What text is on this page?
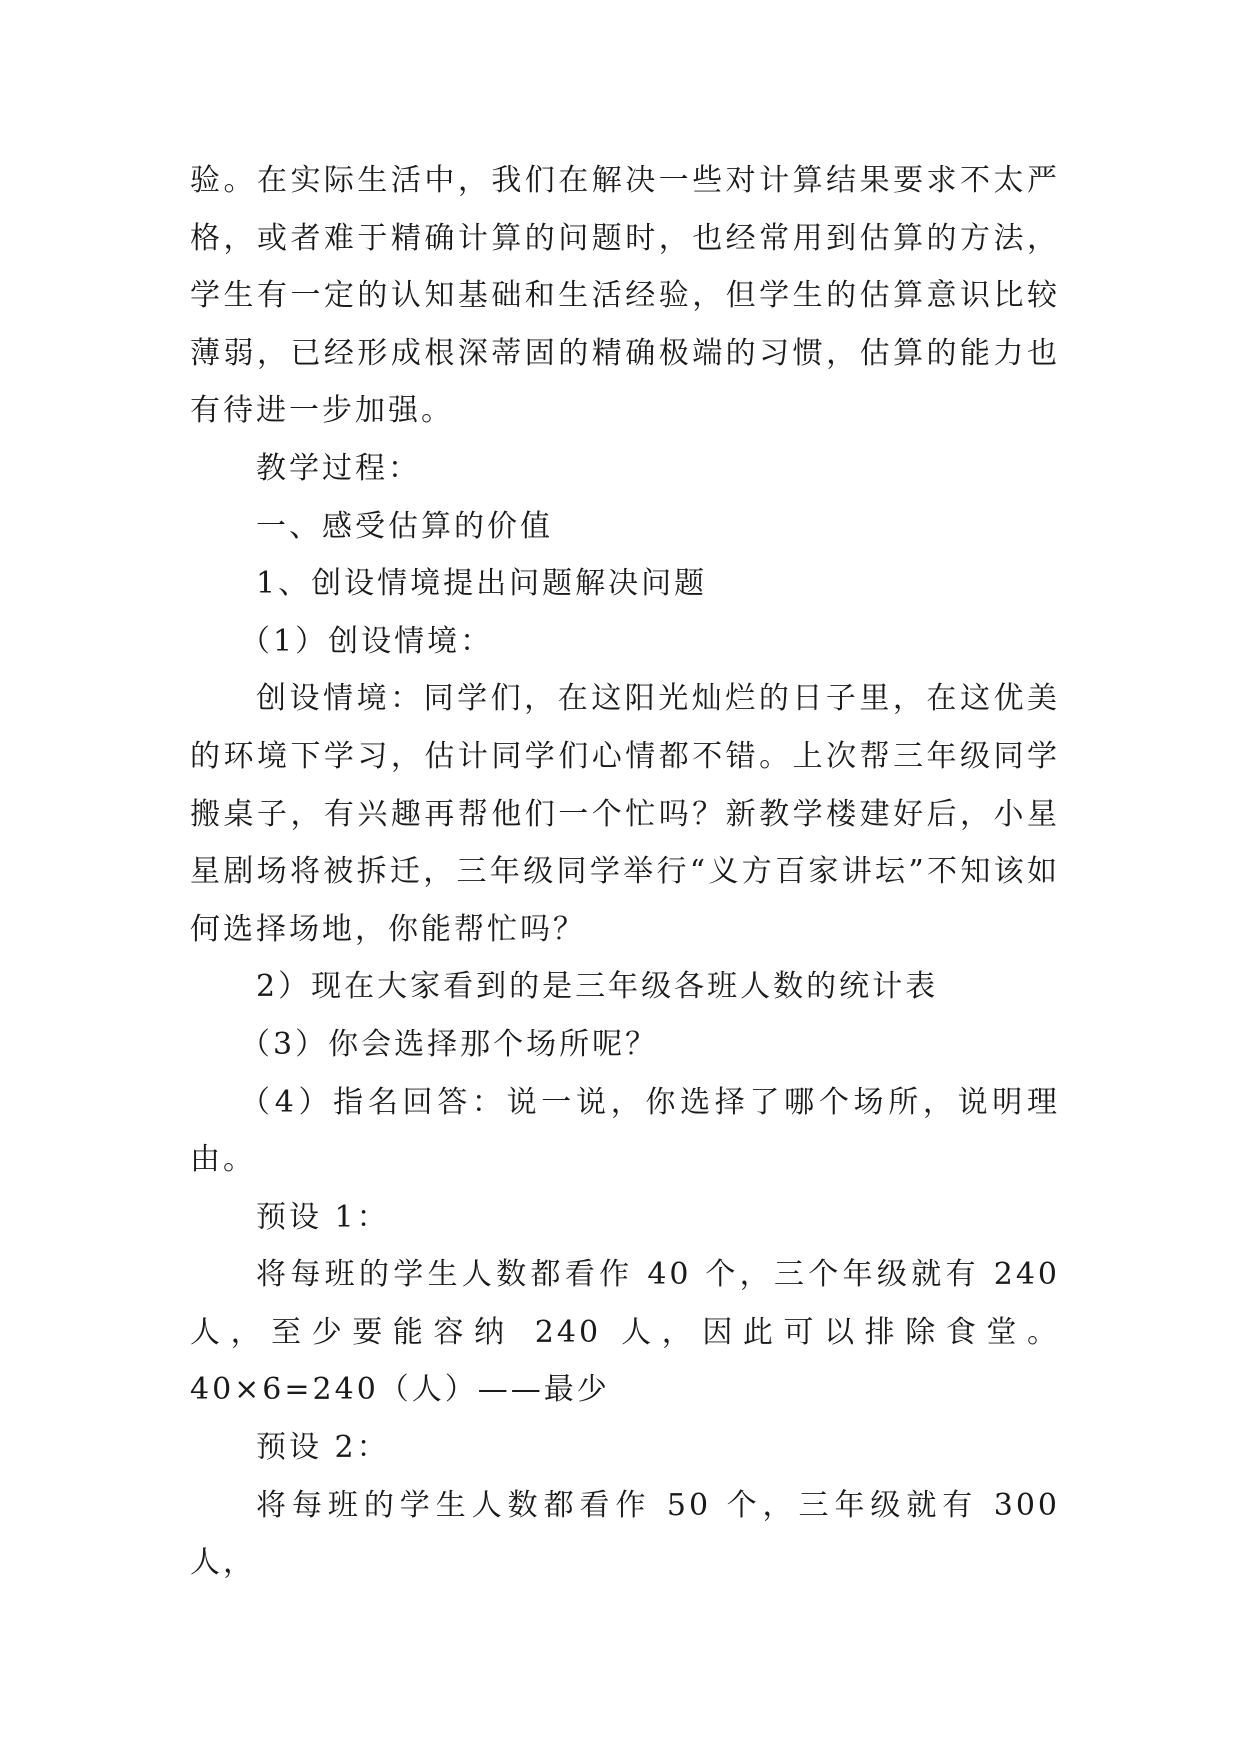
验。在实际生活中，我们在解决一些对计算结果要求不太严格，或者难于精确计算的问题时，也经常用到估算的方法，学生有一定的认知基础和生活经验，但学生的估算意识比较薄弱，已经形成根深蒂固的精确极端的习惯，估算的能力也有待进一步加强。

教学过程：

一、感受估算的价值

1、创设情境提出问题解决问题

（1）创设情境：

创设情境：同学们，在这阳光灿烂的日子里，在这优美的环境下学习，估计同学们心情都不错。上次帮三年级同学搬桌子，有兴趣再帮他们一个忙吗？新教学楼建好后，小星星剧场将被拆迁，三年级同学举行“义方百家讲坛”不知该如何选择场地，你能帮忙吗？

2）现在大家看到的是三年级各班人数的统计表

（3）你会选择那个场所呢？

（4）指名回答：说一说，你选择了哪个场所，说明理由。

预设 1：

将每班的学生人数都看作 40 个，三个年级就有 240 人，至少要能容纳 240 人，因此可以排除食堂。40×6=240（人）——最少

预设 2：

将每班的学生人数都看作 50 个，三年级就有 300 人，
